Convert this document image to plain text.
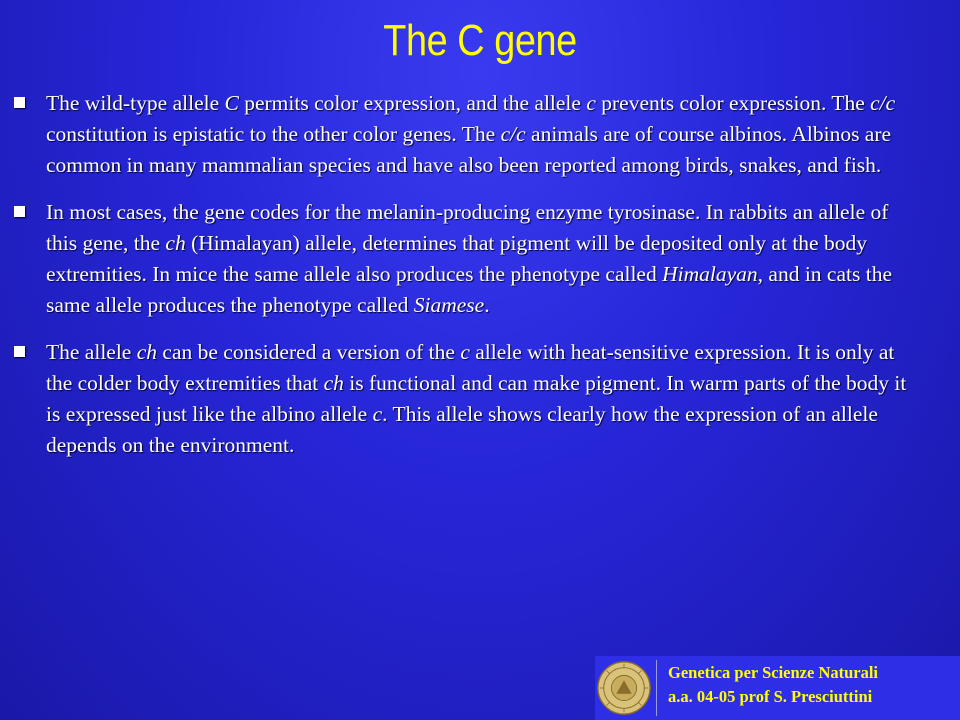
The C gene
The wild-type allele C permits color expression, and the allele c prevents color expression. The c/c constitution is epistatic to the other color genes. The c/c animals are of course albinos. Albinos are common in many mammalian species and have also been reported among birds, snakes, and fish.
In most cases, the gene codes for the melanin-producing enzyme tyrosinase. In rabbits an allele of this gene, the ch (Himalayan) allele, determines that pigment will be deposited only at the body extremities. In mice the same allele also produces the phenotype called Himalayan, and in cats the same allele produces the phenotype called Siamese.
The allele ch can be considered a version of the c allele with heat-sensitive expression. It is only at the colder body extremities that ch is functional and can make pigment. In warm parts of the body it is expressed just like the albino allele c. This allele shows clearly how the expression of an allele depends on the environment.
Genetica per Scienze Naturali
a.a. 04-05 prof S. Presciuttini
